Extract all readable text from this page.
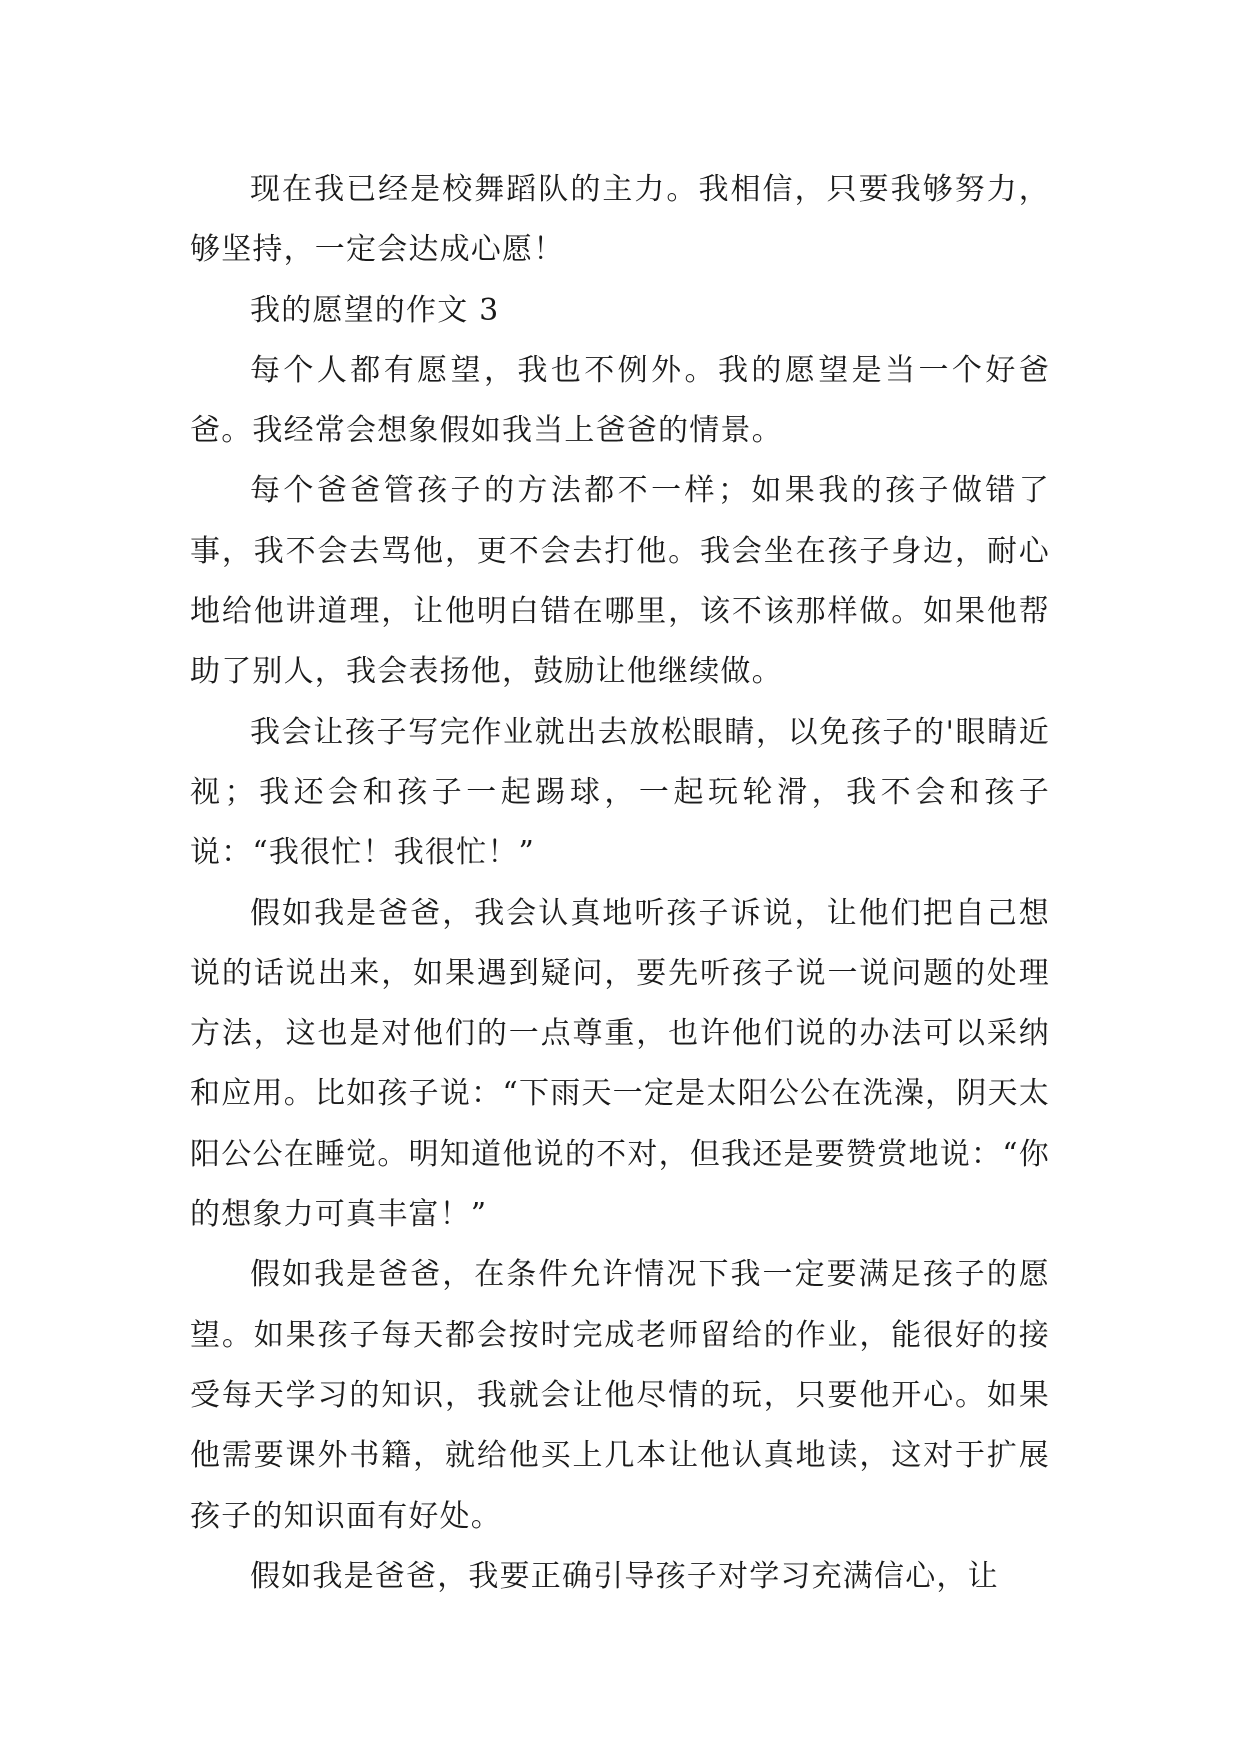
现在我已经是校舞蹈队的主力。我相信，只要我够努力，够坚持，一定会达成心愿！

我的愿望的作文 3

每个人都有愿望，我也不例外。我的愿望是当一个好爸爸。我经常会想象假如我当上爸爸的情景。

每个爸爸管孩子的方法都不一样；如果我的孩子做错了事，我不会去骂他，更不会去打他。我会坐在孩子身边，耐心地给他讲道理，让他明白错在哪里，该不该那样做。如果他帮助了别人，我会表扬他，鼓励让他继续做。

我会让孩子写完作业就出去放松眼睛，以免孩子的'眼睛近视；我还会和孩子一起踢球，一起玩轮滑，我不会和孩子说：“我很忙！我很忙！”

假如我是爸爸，我会认真地听孩子诉说，让他们把自己想说的话说出来，如果遇到疑问，要先听孩子说一说问题的处理方法，这也是对他们的一点尊重，也许他们说的办法可以采纳和应用。比如孩子说：“下雨天一定是太阳公公在洗澡，阴天太阳公公在睡觉。明知道他说的不对，但我还是要赞赏地说：“你的想象力可真丰富！”

假如我是爸爸，在条件允许情况下我一定要满足孩子的愿望。如果孩子每天都会按时完成老师留给的作业，能很好的接受每天学习的知识，我就会让他尽情的玩，只要他开心。如果他需要课外书籍，就给他买上几本让他认真地读，这对于扩展孩子的知识面有好处。

假如我是爸爸，我要正确引导孩子对学习充满信心，让
